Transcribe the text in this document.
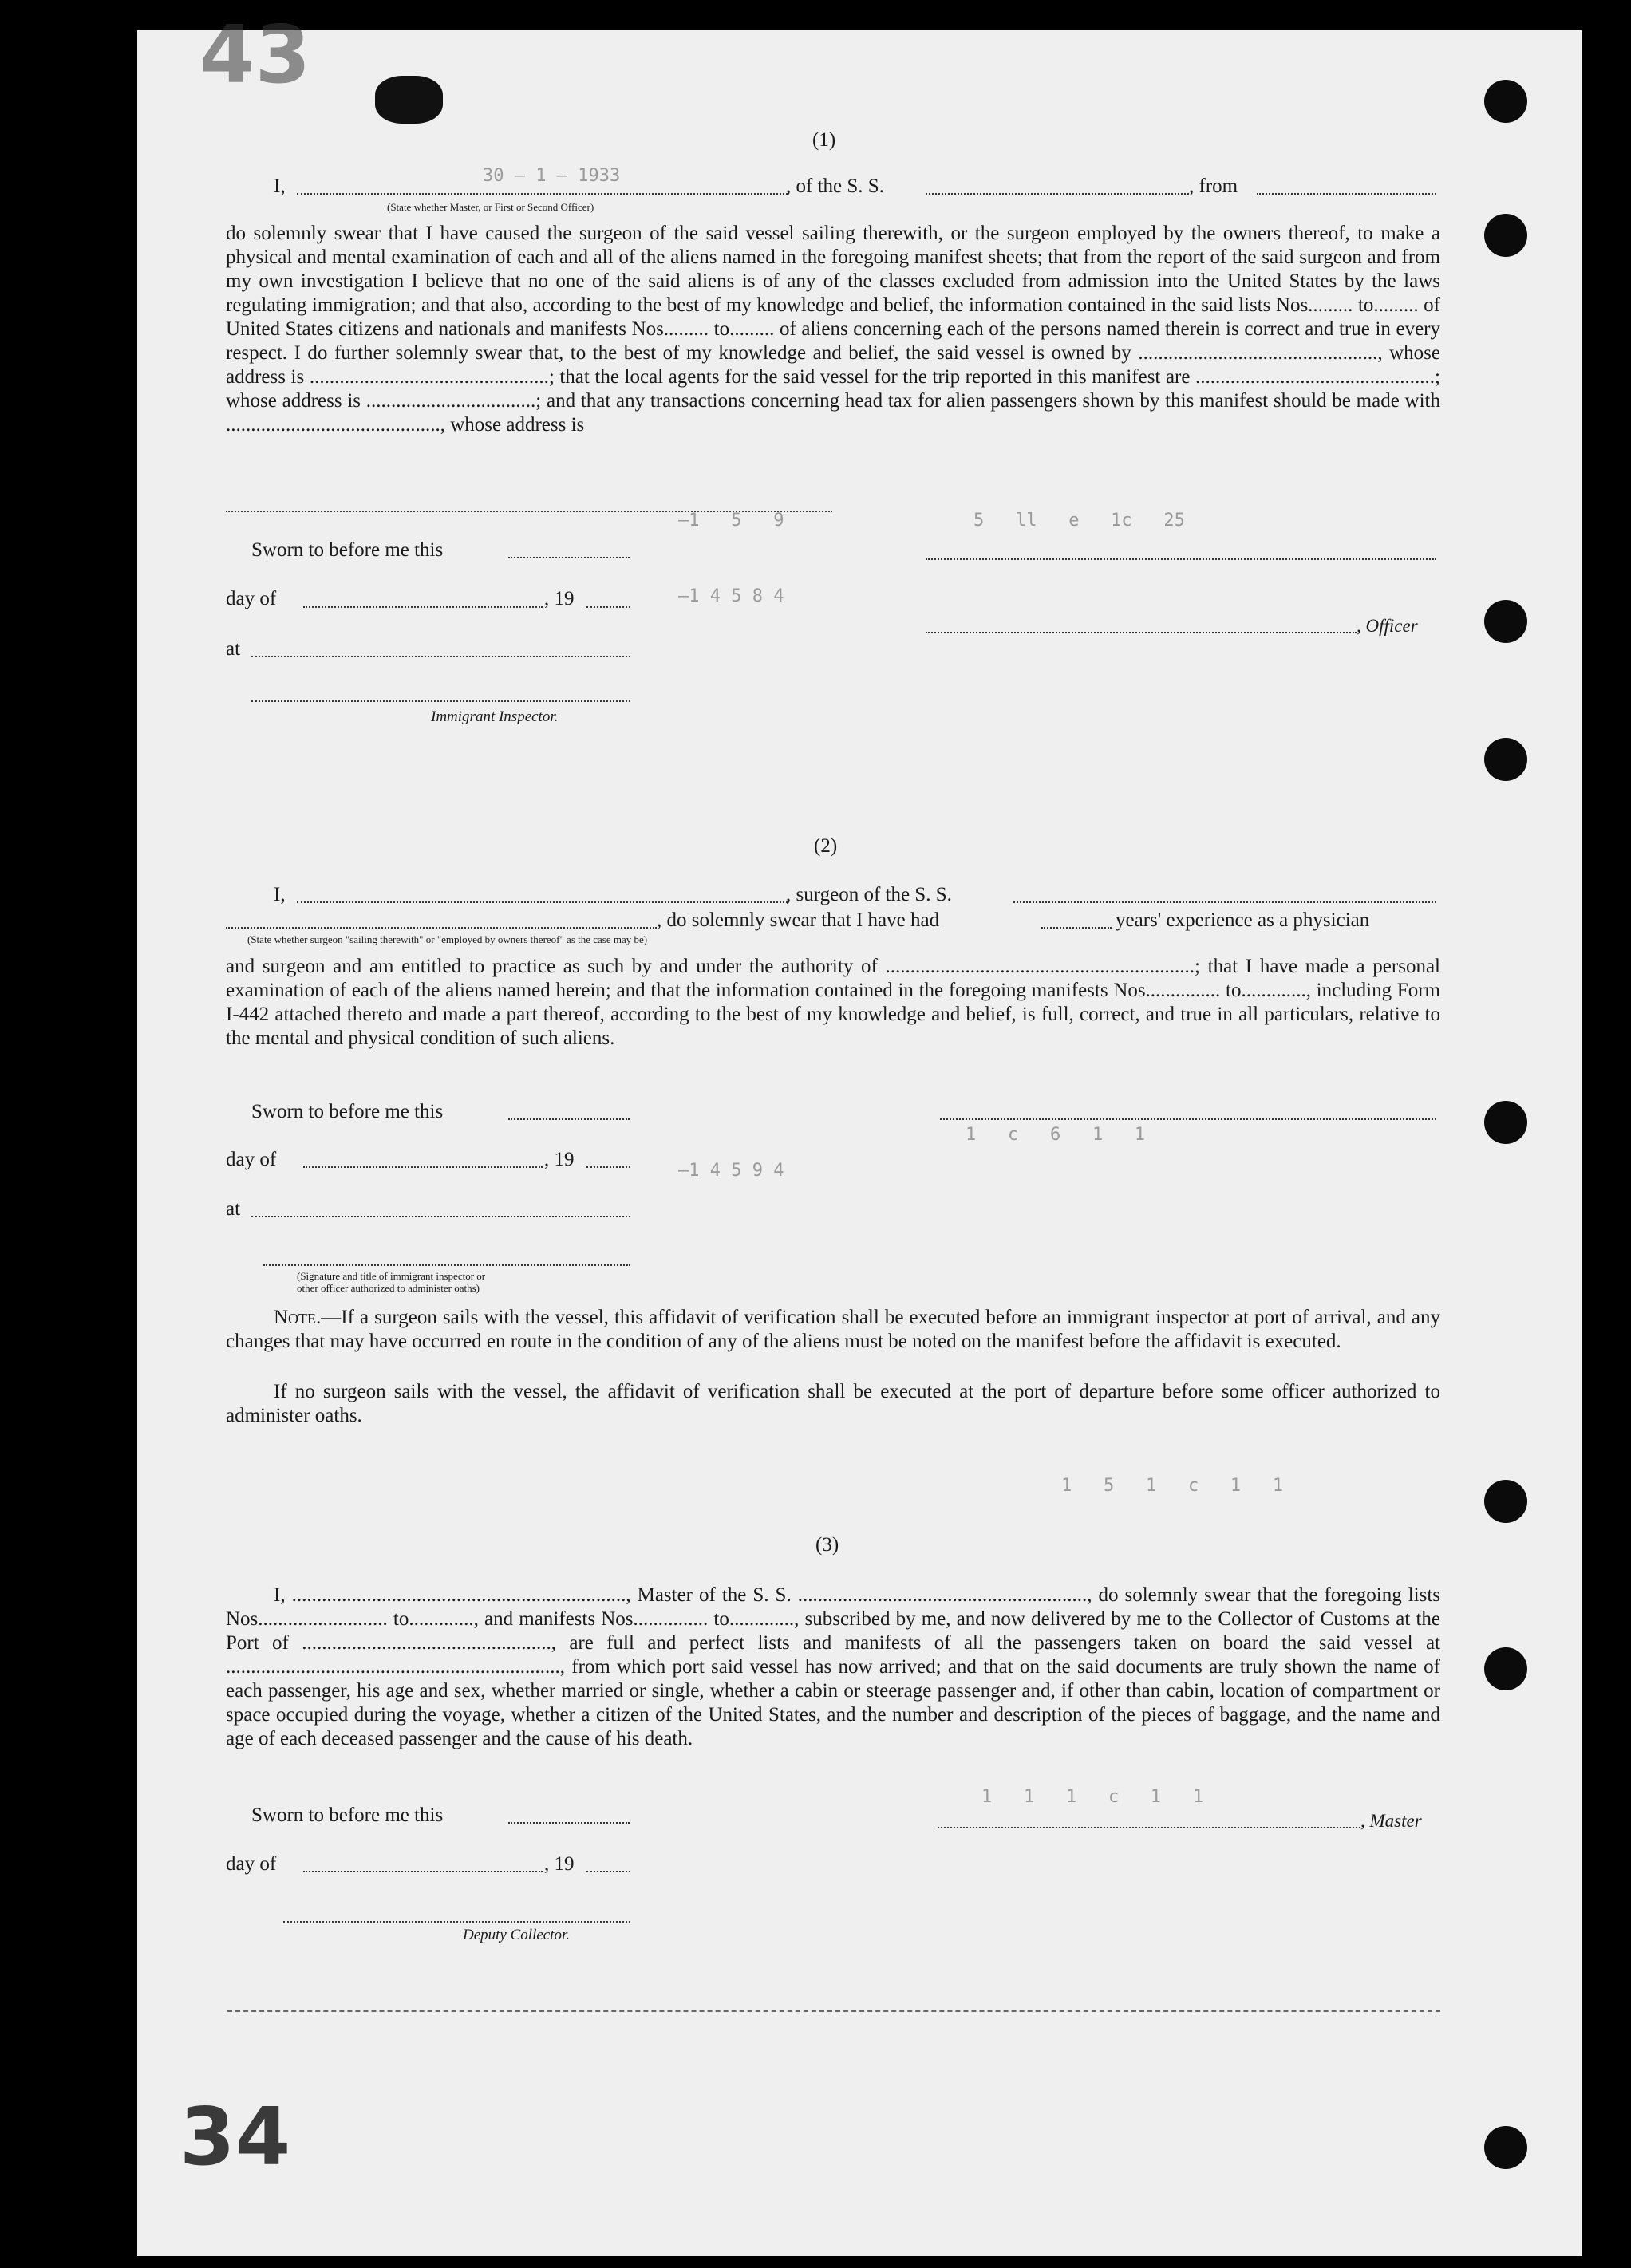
43
34
(1)
I,	30 — 1 — 1933	, of the S. S.	, from
(State whether Master, or First or Second Officer)
do solemnly swear that I have caused the surgeon of the said vessel sailing therewith, or the surgeon employed by the owners thereof, to make a physical and mental examination of each and all of the aliens named in the foregoing manifest sheets; that from the report of the said surgeon and from my own investigation I believe that no one of the said aliens is of any of the classes excluded from admission into the United States by the laws regulating immigration; and that also, according to the best of my knowledge and belief, the information contained in the said lists Nos......... to......... of United States citizens and nationals and manifests Nos......... to......... of aliens concerning each of the persons named therein is correct and true in every respect. I do further solemnly swear that, to the best of my knowledge and belief, the said vessel is owned by ................................................, whose address is ................................................; that the local agents for the said vessel for the trip reported in this manifest are ................................................; whose address is ..................................; and that any transactions concerning head tax for alien passengers shown by this manifest should be made with ..........................................., whose address is
Sworn to before me this
day of	, 19
at
Immigrant Inspector.
, Officer
(2)
I,	, surgeon of the S. S.
, do solemnly swear that I have had	years' experience as a physician
(State whether surgeon "sailing therewith" or "employed by owners thereof" as the case may be)
and surgeon and am entitled to practice as such by and under the authority of ..............................................................; that I have made a personal examination of each of the aliens named herein; and that the information contained in the foregoing manifests Nos............... to............., including Form I-442 attached thereto and made a part thereof, according to the best of my knowledge and belief, is full, correct, and true in all particulars, relative to the mental and physical condition of such aliens.
Sworn to before me this
day of	, 19
at
(Signature and title of immigrant inspector or
other officer authorized to administer oaths)
Note.—If a surgeon sails with the vessel, this affidavit of verification shall be executed before an immigrant inspector at port of arrival, and any changes that may have occurred en route in the condition of any of the aliens must be noted on the manifest before the affidavit is executed.
If no surgeon sails with the vessel, the affidavit of verification shall be executed at the port of departure before some officer authorized to administer oaths.
(3)
I, ..................................................................., Master of the S. S. .........................................................., do solemnly swear that the foregoing lists Nos.......................... to............., and manifests Nos............... to............., subscribed by me, and now delivered by me to the Collector of Customs at the Port of .................................................., are full and perfect lists and manifests of all the passengers taken on board the said vessel at ..................................................................., from which port said vessel has now arrived; and that on the said documents are truly shown the name of each passenger, his age and sex, whether married or single, whether a cabin or steerage passenger and, if other than cabin, location of compartment or space occupied during the voyage, whether a citizen of the United States, and the number and description of the pieces of baggage, and the name and age of each deceased passenger and the cause of his death.
Sworn to before me this
day of	, 19
Deputy Collector.
, Master
5   ll   e   1c   25
—1   5   9
—1 4 5 8 4
1   c   6   1   1
—1 4 5 9 4
1   5   1   c   1   1
1   1   1   c   1   1
